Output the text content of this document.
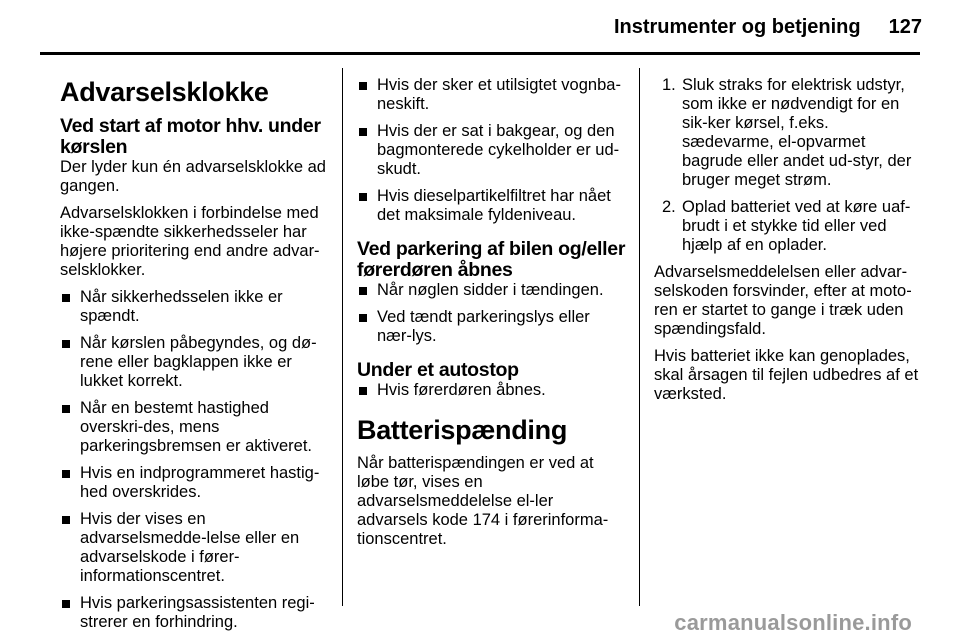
Instrumenter og betjening 127
Advarselsklokke
Ved start af motor hhv. under kørslen

Der lyder kun én advarselsklokke ad gangen.

Advarselsklokken i forbindelse med ikke-spændte sikkerhedsseler har højere prioritering end andre advar-selsklokker.

Når sikkerhedsselen ikke er spændt.
Når kørslen påbegyndes, og dø-rene eller bagklappen ikke er lukket korrekt.
Når en bestemt hastighed overskri-des, mens parkeringsbremsen er aktiveret.
Hvis en indprogrammeret hastig-hed overskrides.
Hvis der vises en advarselsmedde-lelse eller en advarselskode i fører-informationscentret.
Hvis parkeringsassistenten regi-strerer en forhindring.
Hvis der sker et utilsigtet vognba-neskift.
Hvis der er sat i bakgear, og den bagmonterede cykelholder er ud-skudt.
Hvis dieselpartikelfiltret har nået det maksimale fyldeniveau.
Ved parkering af bilen og/eller førerdøren åbnes
Når nøglen sidder i tændingen.
Ved tændt parkeringslys eller nær-lys.
Under et autostop
Hvis førerdøren åbnes.
Batterispænding

Når batterispændingen er ved at løbe tør, vises en advarselsmeddelelse el-ler advarsels kode 174 i førerinforma-tionscentret.

1. Sluk straks for elektrisk udstyr, som ikke er nødvendigt for en sik-ker kørsel, f.eks. sædevarme, el-opvarmet bagrude eller andet ud-styr, der bruger meget strøm.
2. Oplad batteriet ved at køre uaf-brudt i et stykke tid eller ved hjælp af en oplader.

Advarselsmeddelelsen eller advar-selskoden forsvinder, efter at moto-ren er startet to gange i træk uden spændingsfald.

Hvis batteriet ikke kan genoplades, skal årsagen til fejlen udbedres af et værksted.

carmanualsonline.info
